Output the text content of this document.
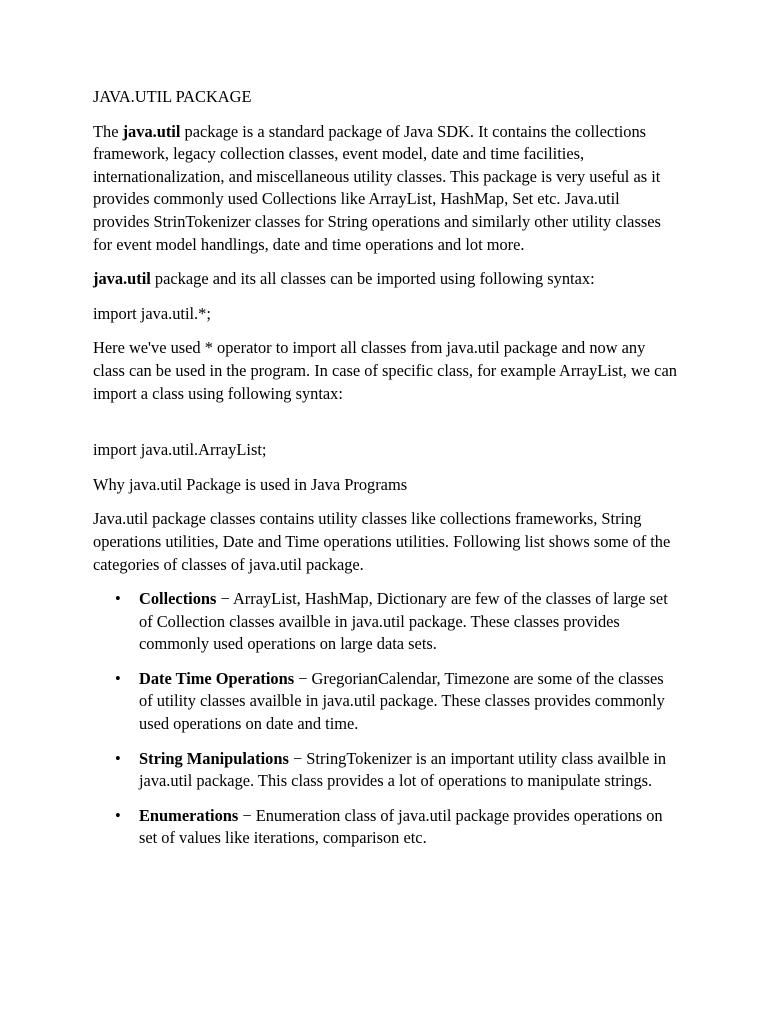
JAVA.UTIL PACKAGE

The java.util package is a standard package of Java SDK. It contains the collections framework, legacy collection classes, event model, date and time facilities, internationalization, and miscellaneous utility classes. This package is very useful as it provides commonly used Collections like ArrayList, HashMap, Set etc. Java.util provides StrinTokenizer classes for String operations and similarly other utility classes for event model handlings, date and time operations and lot more.

java.util package and its all classes can be imported using following syntax:

import java.util.*;

Here we've used * operator to import all classes from java.util package and now any class can be used in the program. In case of specific class, for example ArrayList, we can import a class using following syntax:

import java.util.ArrayList;

Why java.util Package is used in Java Programs

Java.util package classes contains utility classes like collections frameworks, String operations utilities, Date and Time operations utilities. Following list shows some of the categories of classes of java.util package.

• Collections − ArrayList, HashMap, Dictionary are few of the classes of large set of Collection classes availble in java.util package. These classes provides commonly used operations on large data sets.
• Date Time Operations − GregorianCalendar, Timezone are some of the classes of utility classes availble in java.util package. These classes provides commonly used operations on date and time.
• String Manipulations − StringTokenizer is an important utility class availble in java.util package. This class provides a lot of operations to manipulate strings.
• Enumerations − Enumeration class of java.util package provides operations on set of values like iterations, comparison etc.
